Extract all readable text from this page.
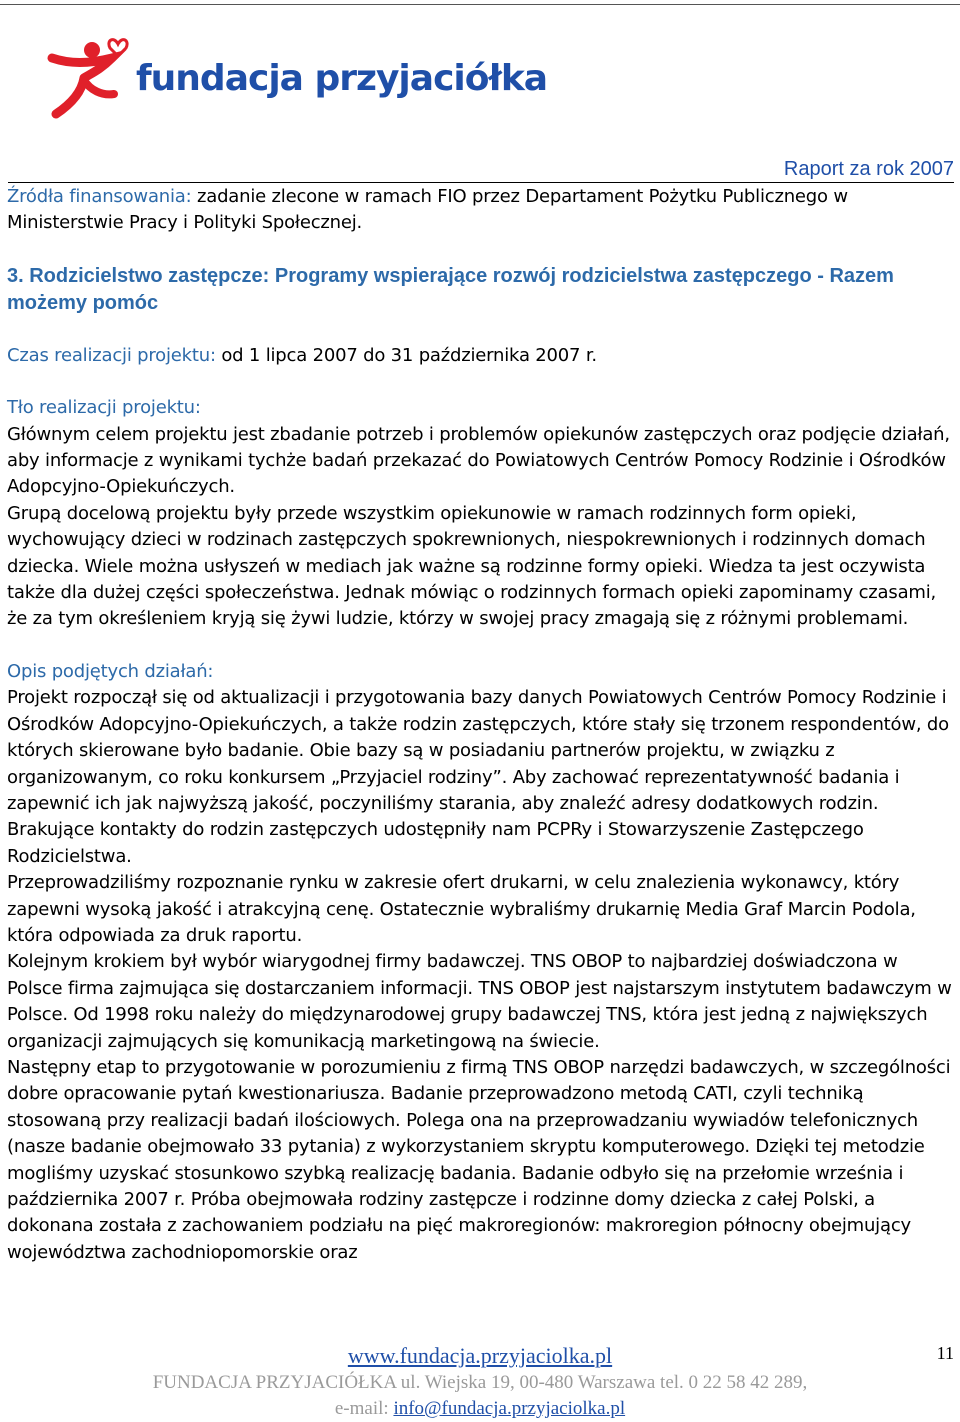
fundacja przyjaciółka
Raport za rok 2007

Źródła finansowania: zadanie zlecone w ramach FIO przez Departament Pożytku Publicznego w Ministerstwie Pracy i Polityki Społecznej.

3. Rodzicielstwo zastępcze: Programy wspierające rozwój rodzicielstwa zastępczego - Razem możemy pomóc

Czas realizacji projektu: od 1 lipca 2007 do 31 października 2007 r.

Tło realizacji projektu:

Głównym celem projektu jest zbadanie potrzeb i problemów opiekunów zastępczych oraz podjęcie działań, aby informacje z wynikami tychże badań przekazać do Powiatowych Centrów Pomocy Rodzinie i Ośrodków Adopcyjno-Opiekuńczych.

Grupą docelową projektu były przede wszystkim opiekunowie w ramach rodzinnych form opieki, wychowujący dzieci w rodzinach zastępczych spokrewnionych, niespokrewnionych i rodzinnych domach dziecka. Wiele można usłyszeń w mediach jak ważne są rodzinne formy opieki. Wiedza ta jest oczywista także dla dużej części społeczeństwa. Jednak mówiąc o rodzinnych formach opieki zapominamy czasami, że za tym określeniem kryją się żywi ludzie, którzy w swojej pracy zmagają się z różnymi problemami.

Opis podjętych działań:

Projekt rozpoczął się od aktualizacji i przygotowania bazy danych Powiatowych Centrów Pomocy Rodzinie i Ośrodków Adopcyjno-Opiekuńczych, a także rodzin zastępczych, które stały się trzonem respondentów, do których skierowane było badanie. Obie bazy są w posiadaniu partnerów projektu, w związku z organizowanym, co roku konkursem „Przyjaciel rodziny”. Aby zachować reprezentatywność badania i zapewnić ich jak najwyższą jakość, poczyniliśmy starania, aby znaleźć adresy dodatkowych rodzin. Brakujące kontakty do rodzin zastępczych udostępniły nam PCPRy i Stowarzyszenie Zastępczego Rodzicielstwa.

Przeprowadziliśmy rozpoznanie rynku w zakresie ofert drukarni, w celu znalezienia wykonawcy, który zapewni wysoką jakość i atrakcyjną cenę. Ostatecznie wybraliśmy drukarnię Media Graf Marcin Podola, która odpowiada za druk raportu.

Kolejnym krokiem był wybór wiarygodnej firmy badawczej. TNS OBOP to najbardziej doświadczona w Polsce firma zajmująca się dostarczaniem informacji. TNS OBOP jest najstarszym instytutem badawczym w Polsce. Od 1998 roku należy do międzynarodowej grupy badawczej TNS, która jest jedną z największych organizacji zajmujących się komunikacją marketingową na świecie.

Następny etap to przygotowanie w porozumieniu z firmą TNS OBOP narzędzi badawczych, w szczególności dobre opracowanie pytań kwestionariusza. Badanie przeprowadzono metodą CATI, czyli techniką stosowaną przy realizacji badań ilościowych. Polega ona na przeprowadzaniu wywiadów telefonicznych (nasze badanie obejmowało 33 pytania) z wykorzystaniem skryptu komputerowego. Dzięki tej metodzie mogliśmy uzyskać stosunkowo szybką realizację badania. Badanie odbyło się na przełomie września i października 2007 r. Próba obejmowała rodziny zastępcze i rodzinne domy dziecka z całej Polski, a dokonana została z zachowaniem podziału na pięć makroregionów: makroregion północny obejmujący województwa zachodniopomorskie oraz

www.fundacja.przyjaciolka.pl	11
FUNDACJA PRZYJACIÓŁKA ul. Wiejska 19, 00-480 Warszawa tel. 0 22 58 42 289,
e-mail: info@fundacja.przyjaciolka.pl
